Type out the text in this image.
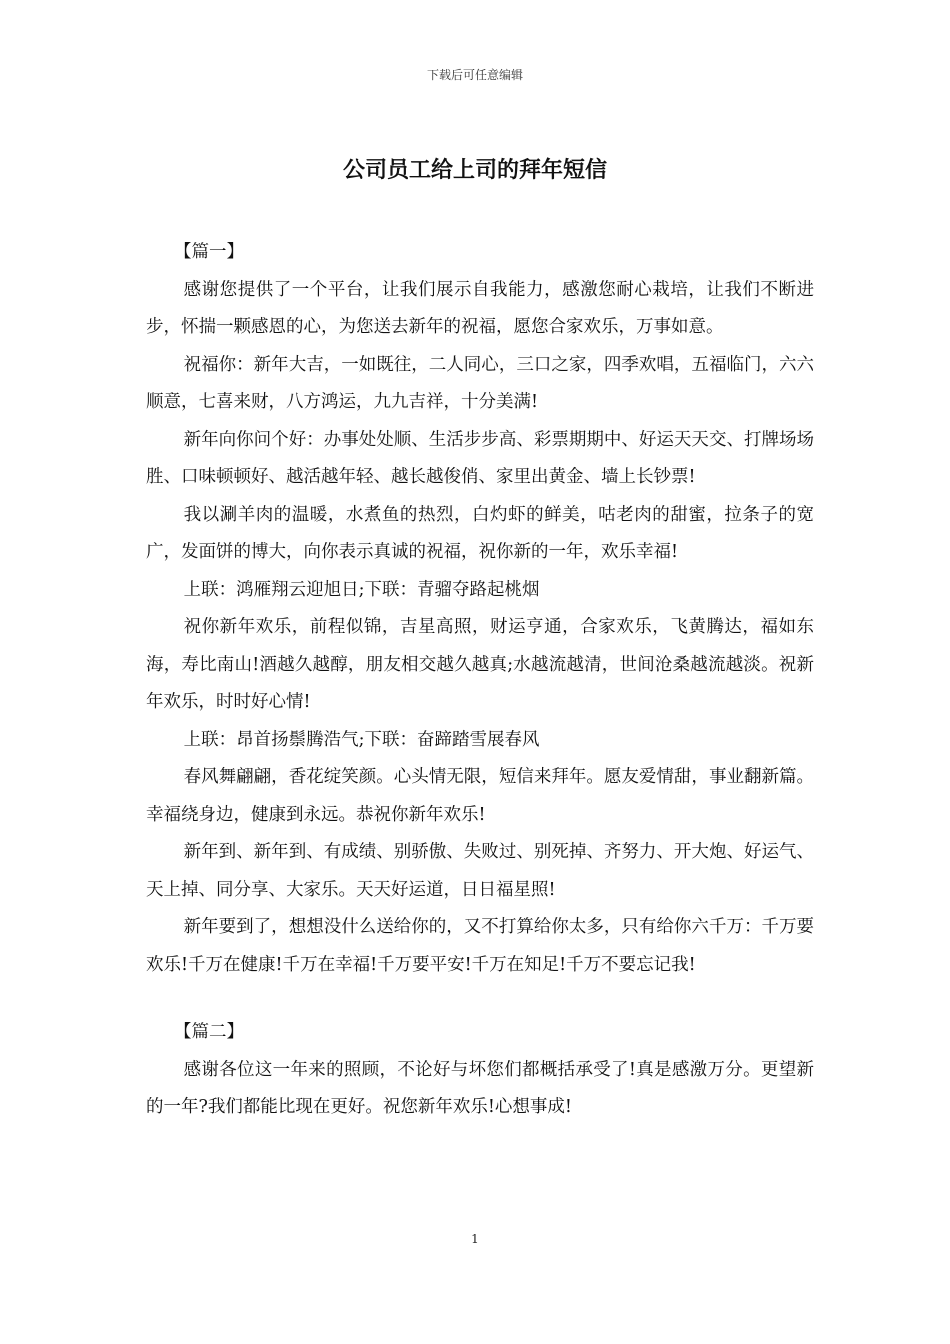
下载后可任意编辑
公司员工给上司的拜年短信
【篇一】

感谢您提供了一个平台，让我们展示自我能力，感激您耐心栽培，让我们不断进步，怀揣一颗感恩的心，为您送去新年的祝福，愿您合家欢乐，万事如意。

祝福你：新年大吉，一如既往，二人同心，三口之家，四季欢唱，五福临门，六六顺意，七喜来财，八方鸿运，九九吉祥，十分美满!

新年向你问个好：办事处处顺、生活步步高、彩票期期中、好运天天交、打牌场场胜、口味顿顿好、越活越年轻、越长越俊俏、家里出黄金、墙上长钞票!

我以涮羊肉的温暖，水煮鱼的热烈，白灼虾的鲜美，咕老肉的甜蜜，拉条子的宽广，发面饼的博大，向你表示真诚的祝福，祝你新的一年，欢乐幸福!

上联：鸿雁翔云迎旭日;下联：青骝夺路起桃烟

祝你新年欢乐，前程似锦，吉星高照，财运亨通，合家欢乐，飞黄腾达，福如东海，寿比南山!酒越久越醇，朋友相交越久越真;水越流越清，世间沧桑越流越淡。祝新年欢乐，时时好心情!

上联：昂首扬鬃腾浩气;下联：奋蹄踏雪展春风

春风舞翩翩，香花绽笑颜。心头情无限，短信来拜年。愿友爱情甜，事业翻新篇。幸福绕身边，健康到永远。恭祝你新年欢乐!

新年到、新年到、有成绩、别骄傲、失败过、别死掉、齐努力、开大炮、好运气、天上掉、同分享、大家乐。天天好运道，日日福星照!

新年要到了，想想没什么送给你的，又不打算给你太多，只有给你六千万：千万要欢乐!千万在健康!千万在幸福!千万要平安!千万在知足!千万不要忘记我!

【篇二】

感谢各位这一年来的照顾，不论好与坏您们都概括承受了!真是感激万分。更望新的一年?我们都能比现在更好。祝您新年欢乐!心想事成!

1
